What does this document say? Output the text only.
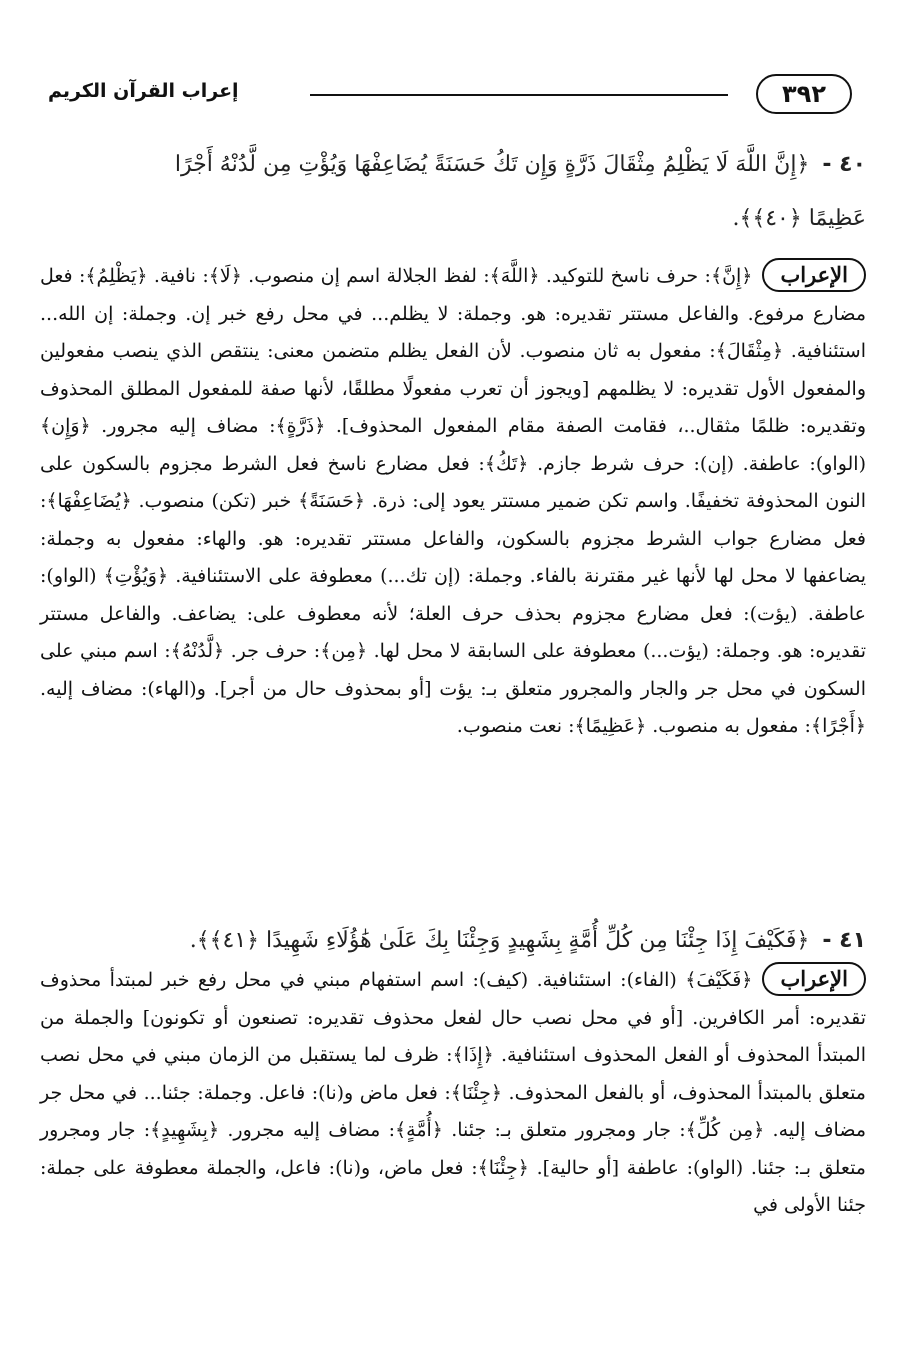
٣٩٢
إعراب القرآن الكريم
٤٠ - ﴿إِنَّ اللَّهَ لَا يَظْلِمُ مِثْقَالَ ذَرَّةٍ وَإِن تَكُ حَسَنَةً يُضَاعِفْهَا وَيُؤْتِ مِن لَّدُنْهُ أَجْرًا
عَظِيمًا ﴿٤٠﴾﴾.

الإعراب﴿إِنَّ﴾: حرف ناسخ للتوكيد. ﴿اللَّهَ﴾: لفظ الجلالة اسم إن منصوب. ﴿لَا﴾: نافية. ﴿يَظْلِمُ﴾: فعل مضارع مرفوع. والفاعل مستتر تقديره: هو. وجملة: لا يظلم... في محل رفع خبر إن. وجملة: إن الله... استئنافية. ﴿مِثْقَالَ﴾: مفعول به ثان منصوب. لأن الفعل يظلم متضمن معنى: ينتقص الذي ينصب مفعولين والمفعول الأول تقديره: لا يظلمهم [ويجوز أن تعرب مفعولًا مطلقًا، لأنها صفة للمفعول المطلق المحذوف وتقديره: ظلمًا مثقال..، فقامت الصفة مقام المفعول المحذوف]. ﴿ذَرَّةٍ﴾: مضاف إليه مجرور. ﴿وَإِن﴾ (الواو): عاطفة. (إن): حرف شرط جازم. ﴿تَكُ﴾: فعل مضارع ناسخ فعل الشرط مجزوم بالسكون على النون المحذوفة تخفيفًا. واسم تكن ضمير مستتر يعود إلى: ذرة. ﴿حَسَنَةً﴾ خبر (تكن) منصوب. ﴿يُضَاعِفْهَا﴾: فعل مضارع جواب الشرط مجزوم بالسكون، والفاعل مستتر تقديره: هو. والهاء: مفعول به وجملة: يضاعفها لا محل لها لأنها غير مقترنة بالفاء. وجملة: (إن تك...) معطوفة على الاستئنافية. ﴿وَيُؤْتِ﴾ (الواو): عاطفة. (يؤت): فعل مضارع مجزوم بحذف حرف العلة؛ لأنه معطوف على: يضاعف. والفاعل مستتر تقديره: هو. وجملة: (يؤت...) معطوفة على السابقة لا محل لها. ﴿مِن﴾: حرف جر. ﴿لَّدُنْهُ﴾: اسم مبني على السكون في محل جر والجار والمجرور متعلق بـ: يؤت [أو بمحذوف حال من أجر]. و(الهاء): مضاف إليه. ﴿أَجْرًا﴾: مفعول به منصوب. ﴿عَظِيمًا﴾: نعت منصوب.

٤١ - ﴿فَكَيْفَ إِذَا جِئْنَا مِن كُلِّ أُمَّةٍ بِشَهِيدٍ وَجِئْنَا بِكَ عَلَىٰ هَٰؤُلَاءِ شَهِيدًا ﴿٤١﴾﴾.

الإعراب﴿فَكَيْفَ﴾ (الفاء): استئنافية. (كيف): اسم استفهام مبني في محل رفع خبر لمبتدأ محذوف تقديره: أمر الكافرين. [أو في محل نصب حال لفعل محذوف تقديره: تصنعون أو تكونون] والجملة من المبتدأ المحذوف أو الفعل المحذوف استئنافية. ﴿إِذَا﴾: ظرف لما يستقبل من الزمان مبني في محل نصب متعلق بالمبتدأ المحذوف، أو بالفعل المحذوف. ﴿جِئْنَا﴾: فعل ماض و(نا): فاعل. وجملة: جئنا... في محل جر مضاف إليه. ﴿مِن كُلِّ﴾: جار ومجرور متعلق بـ: جئنا. ﴿أُمَّةٍ﴾: مضاف إليه مجرور. ﴿بِشَهِيدٍ﴾: جار ومجرور متعلق بـ: جئنا. (الواو): عاطفة [أو حالية]. ﴿جِئْنَا﴾: فعل ماض، و(نا): فاعل، والجملة معطوفة على جملة: جئنا الأولى في
